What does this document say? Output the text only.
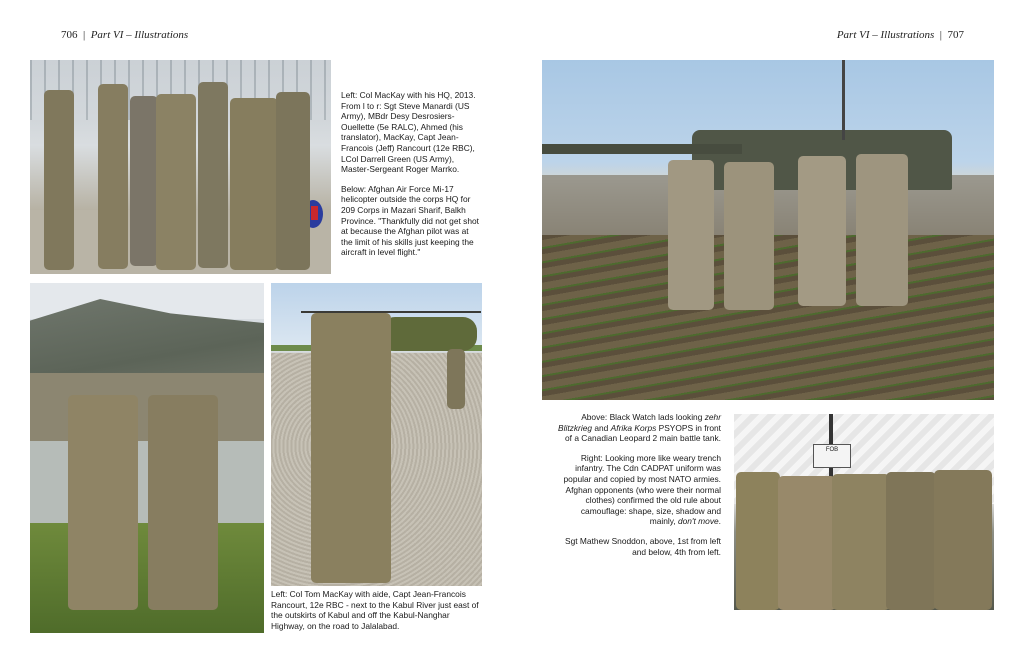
706 | Part VI – Illustrations	Part VI – Illustrations | 707

Left: Col MacKay with his HQ, 2013. From l to r: Sgt Steve Manardi (US Army), MBdr Desy Desrosiers-Ouellette (5e RALC), Ahmed (his translator), MacKay, Capt Jean-Francois (Jeff) Rancourt (12e RBC), LCol Darrell Green (US Army), Master-Sergeant Roger Marrko.

Below: Afghan Air Force Mi-17 helicopter outside the corps HQ for 209 Corps in Mazari Sharif, Balkh Province. "Thankfully did not get shot at because the Afghan pilot was at the limit of his skills just keeping the aircraft in level flight."

Left: Col Tom MacKay with aide, Capt Jean-Francois Rancourt, 12e RBC - next to the Kabul River just east of the outskirts of Kabul and off the Kabul-Nanghar Highway, on the road to Jalalabad.

Above: Black Watch lads looking zehr Blitzkrieg and Afrika Korps PSYOPS in front of a Canadian Leopard 2 main battle tank.

Right: Looking more like weary trench infantry. The Cdn CADPAT uniform was popular and copied by most NATO armies. Afghan opponents (who were their normal clothes) confirmed the old rule about camouflage: shape, size, shadow and mainly, don't move.

Sgt Mathew Snoddon, above, 1st from left and below, 4th from left.

FOB
